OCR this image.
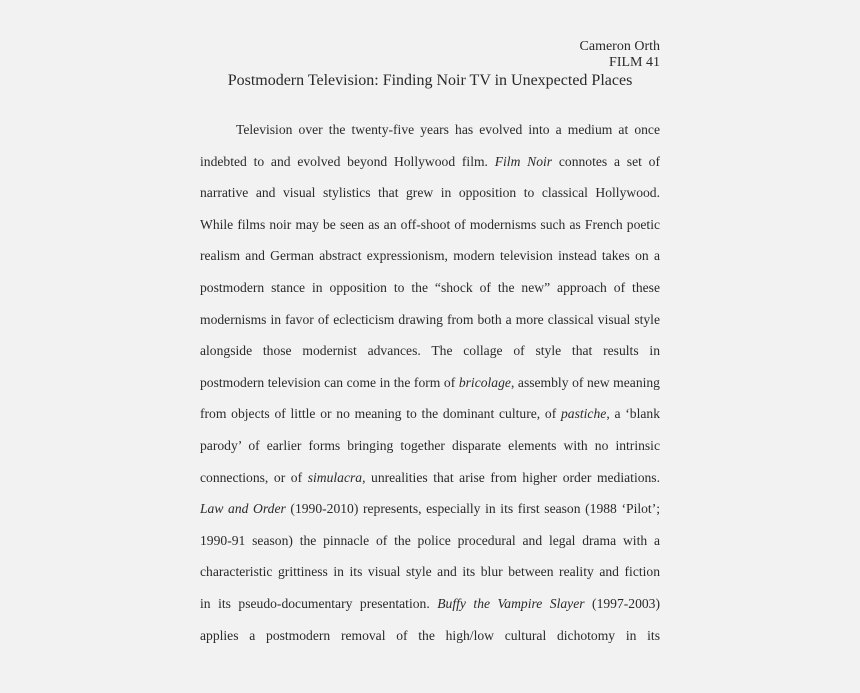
Cameron Orth
FILM 41
Postmodern Television: Finding Noir TV in Unexpected Places
Television over the twenty-five years has evolved into a medium at once
indebted to and evolved beyond Hollywood film. Film Noir connotes a set of
narrative and visual stylistics that grew in opposition to classical Hollywood.
While films noir may be seen as an off-shoot of modernisms such as French poetic
realism and German abstract expressionism, modern television instead takes on a
postmodern stance in opposition to the “shock of the new” approach of these
modernisms in favor of eclecticism drawing from both a more classical visual style
alongside those modernist advances. The collage of style that results in
postmodern television can come in the form of bricolage, assembly of new meaning
from objects of little or no meaning to the dominant culture, of pastiche, a ‘blank
parody’ of earlier forms bringing together disparate elements with no intrinsic
connections, or of simulacra, unrealities that arise from higher order mediations.
Law and Order (1990-2010) represents, especially in its first season (1988 ‘Pilot’;
1990-91 season) the pinnacle of the police procedural and legal drama with a
characteristic grittiness in its visual style and its blur between reality and fiction
in its pseudo-documentary presentation. Buffy the Vampire Slayer (1997-2003)
applies a postmodern removal of the high/low cultural dichotomy in its
